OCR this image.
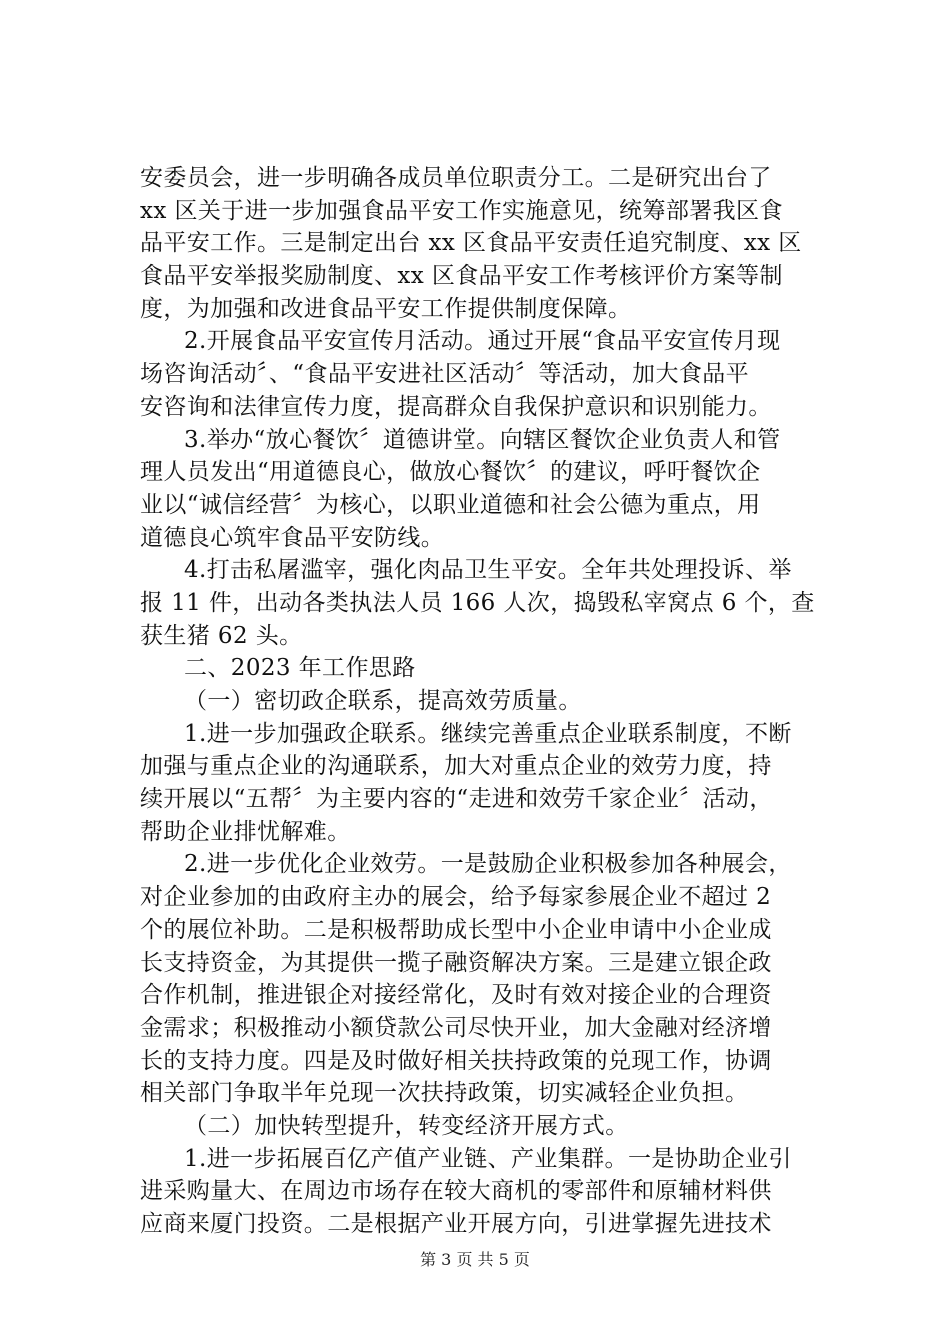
安委员会，进一步明确各成员单位职责分工。二是研究出台了
xx 区关于进一步加强食品平安工作实施意见，统筹部署我区食
品平安工作。三是制定出台 xx 区食品平安责任追究制度、xx 区
食品平安举报奖励制度、xx 区食品平安工作考核评价方案等制
度，为加强和改进食品平安工作提供制度保障。
2.开展食品平安宣传月活动。通过开展“食品平安宣传月现
场咨询活动〞、“食品平安进社区活动〞等活动，加大食品平
安咨询和法律宣传力度，提高群众自我保护意识和识别能力。
3.举办“放心餐饮〞道德讲堂。向辖区餐饮企业负责人和管
理人员发出“用道德良心，做放心餐饮〞的建议，呼吁餐饮企
业以“诚信经营〞为核心，以职业道德和社会公德为重点，用
道德良心筑牢食品平安防线。
4.打击私屠滥宰，强化肉品卫生平安。全年共处理投诉、举
报 11 件，出动各类执法人员 166 人次，捣毁私宰窝点 6 个，查
获生猪 62 头。
二、2023 年工作思路
（一）密切政企联系，提高效劳质量。
1.进一步加强政企联系。继续完善重点企业联系制度，不断
加强与重点企业的沟通联系，加大对重点企业的效劳力度，持
续开展以“五帮〞为主要内容的“走进和效劳千家企业〞活动，
帮助企业排忧解难。
2.进一步优化企业效劳。一是鼓励企业积极参加各种展会，
对企业参加的由政府主办的展会，给予每家参展企业不超过 2
个的展位补助。二是积极帮助成长型中小企业申请中小企业成
长支持资金，为其提供一揽子融资解决方案。三是建立银企政
合作机制，推进银企对接经常化，及时有效对接企业的合理资
金需求；积极推动小额贷款公司尽快开业，加大金融对经济增
长的支持力度。四是及时做好相关扶持政策的兑现工作，协调
相关部门争取半年兑现一次扶持政策，切实减轻企业负担。
（二）加快转型提升，转变经济开展方式。
1.进一步拓展百亿产值产业链、产业集群。一是协助企业引
进采购量大、在周边市场存在较大商机的零部件和原辅材料供
应商来厦门投资。二是根据产业开展方向，引进掌握先进技术
第 3 页 共 5 页
